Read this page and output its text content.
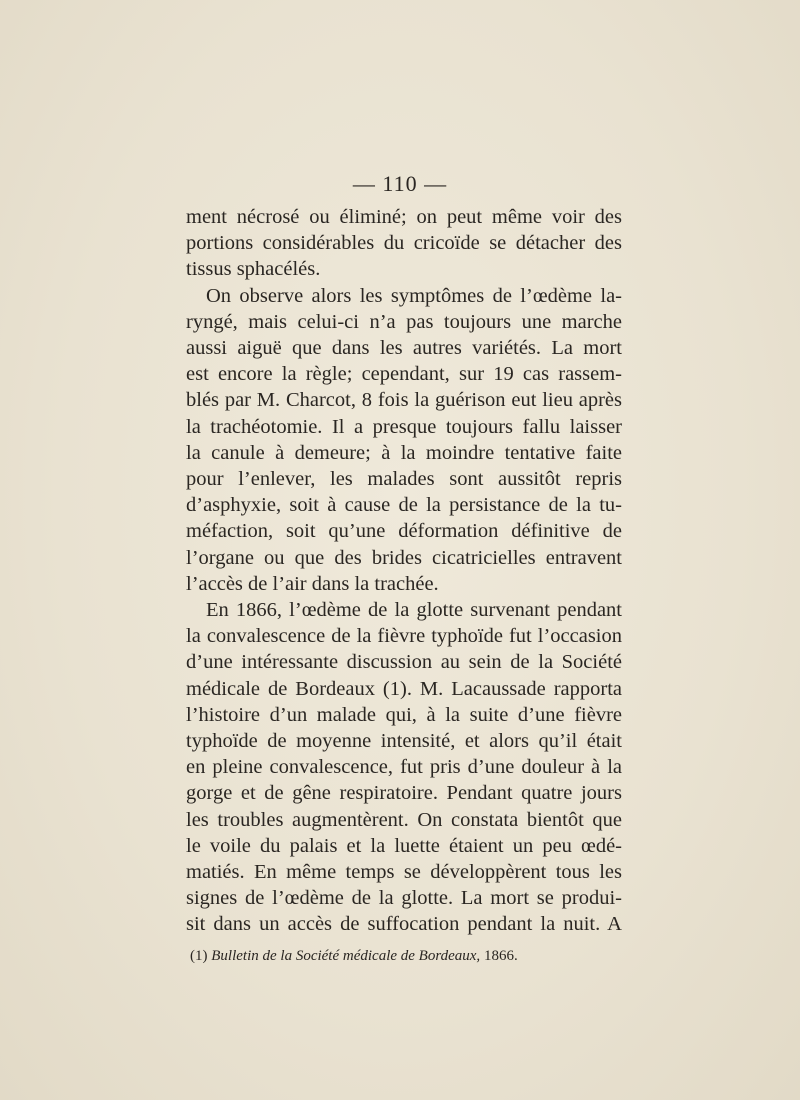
— 110 —
ment nécrosé ou éliminé; on peut même voir des
portions considérables du cricoïde se détacher des
tissus sphacélés.
On observe alors les symptômes de l’œdème la-
ryngé, mais celui-ci n’a pas toujours une marche
aussi aiguë que dans les autres variétés. La mort
est encore la règle; cependant, sur 19 cas rassem-
blés par M. Charcot, 8 fois la guérison eut lieu après
la trachéotomie. Il a presque toujours fallu laisser
la canule à demeure; à la moindre tentative faite
pour l’enlever, les malades sont aussitôt repris
d’asphyxie, soit à cause de la persistance de la tu-
méfaction, soit qu’une déformation définitive de
l’organe ou que des brides cicatricielles entravent
l’accès de l’air dans la trachée.
En 1866, l’œdème de la glotte survenant pendant
la convalescence de la fièvre typhoïde fut l’occasion
d’une intéressante discussion au sein de la Société
médicale de Bordeaux (1). M. Lacaussade rapporta
l’histoire d’un malade qui, à la suite d’une fièvre
typhoïde de moyenne intensité, et alors qu’il était
en pleine convalescence, fut pris d’une douleur à la
gorge et de gêne respiratoire. Pendant quatre jours
les troubles augmentèrent. On constata bientôt que
le voile du palais et la luette étaient un peu œdé-
matiés. En même temps se développèrent tous les
signes de l’œdème de la glotte. La mort se produi-
sit dans un accès de suffocation pendant la nuit. A
(1) Bulletin de la Société médicale de Bordeaux, 1866.
